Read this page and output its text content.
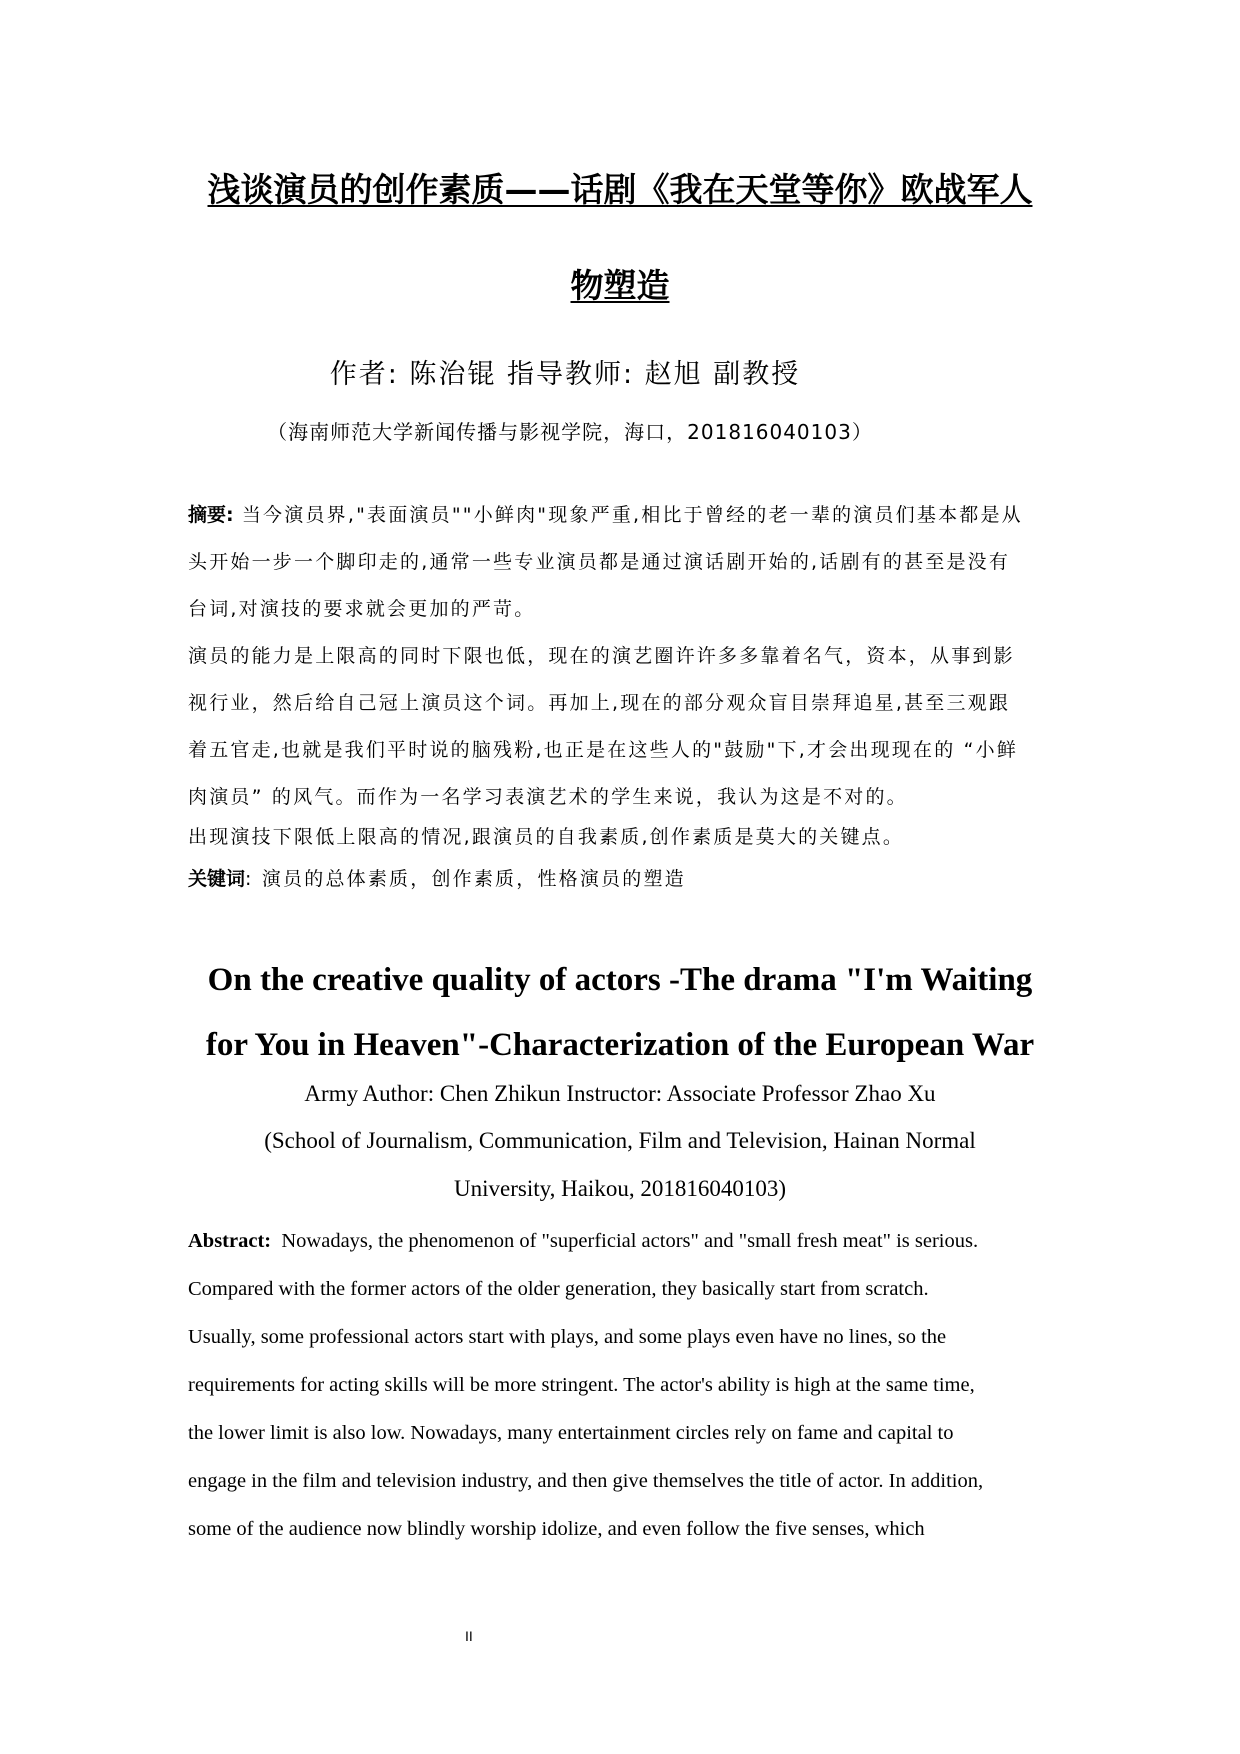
浅谈演员的创作素质——话剧《我在天堂等你》欧战军人
物塑造
作者: 陈治锟 指导教师: 赵旭 副教授
（海南师范大学新闻传播与影视学院，海口，201816040103）
摘要: 当今演员界,"表面演员""小鲜肉"现象严重,相比于曾经的老一辈的演员们基本都是从
头开始一步一个脚印走的,通常一些专业演员都是通过演话剧开始的,话剧有的甚至是没有
台词,对演技的要求就会更加的严苛。
演员的能力是上限高的同时下限也低，现在的演艺圈许许多多靠着名气，资本，从事到影
视行业，然后给自己冠上演员这个词。再加上,现在的部分观众盲目崇拜追星,甚至三观跟
着五官走,也就是我们平时说的脑残粉,也正是在这些人的"鼓励"下,才会出现现在的 “小鲜
肉演员” 的风气。而作为一名学习表演艺术的学生来说，我认为这是不对的。
出现演技下限低上限高的情况,跟演员的自我素质,创作素质是莫大的关键点。
关键词: 演员的总体素质，创作素质，性格演员的塑造
On the creative quality of actors -The drama "I'm Waiting
for You in Heaven"-Characterization of the European War
Army Author: Chen Zhikun Instructor: Associate Professor Zhao Xu
(School of Journalism, Communication, Film and Television, Hainan Normal
University, Haikou, 201816040103)
Abstract:  Nowadays, the phenomenon of "superficial actors" and "small fresh meat" is serious.
Compared with the former actors of the older generation, they basically start from scratch.
Usually, some professional actors start with plays, and some plays even have no lines, so the
requirements for acting skills will be more stringent. The actor's ability is high at the same time,
the lower limit is also low. Nowadays, many entertainment circles rely on fame and capital to
engage in the film and television industry, and then give themselves the title of actor. In addition,
some of the audience now blindly worship idolize, and even follow the five senses, which
II
